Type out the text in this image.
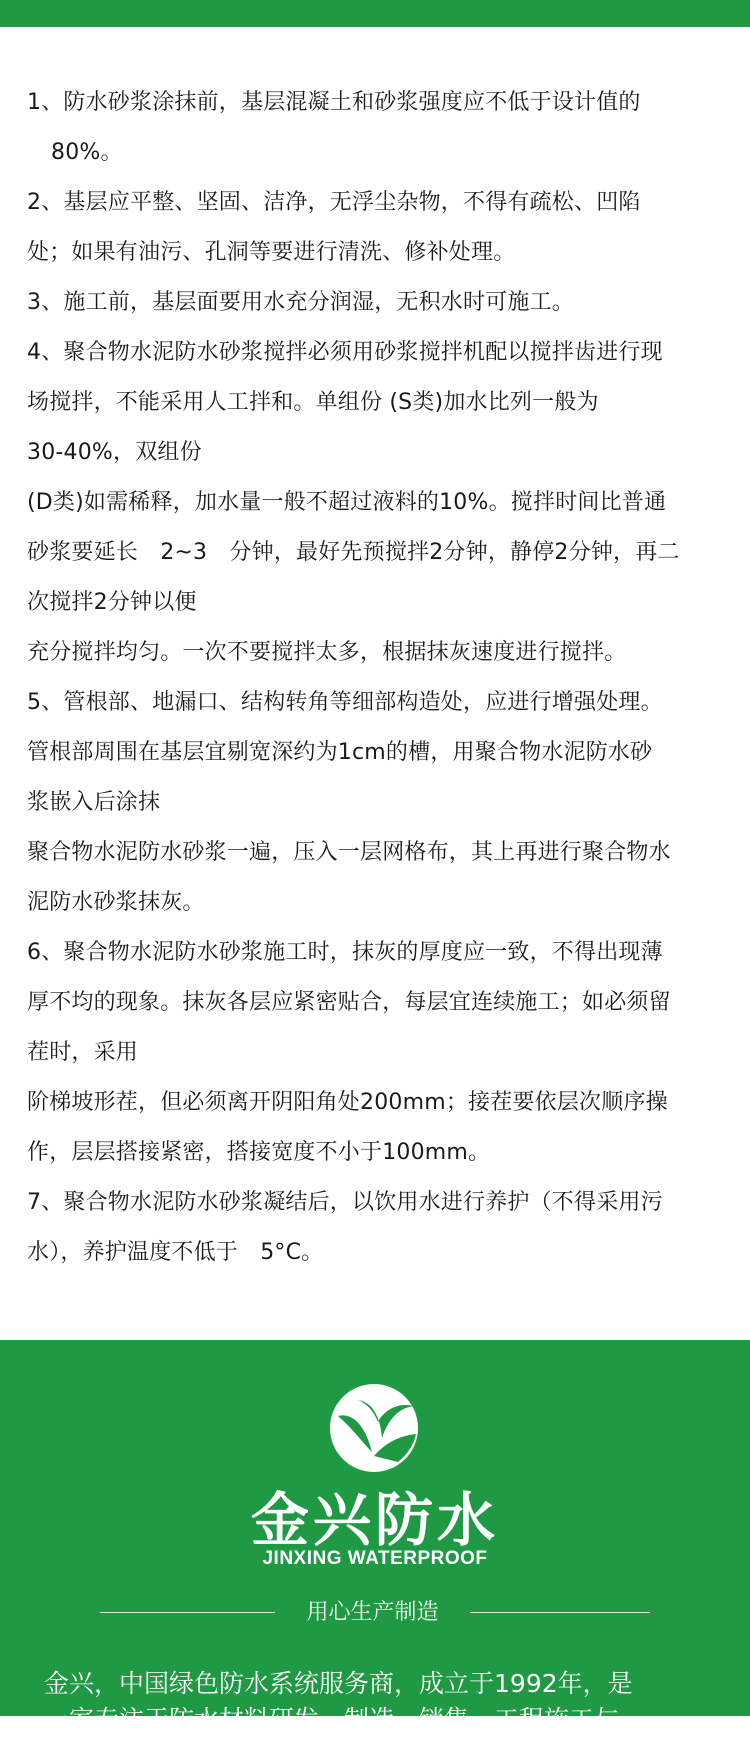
1、防水砂浆涂抹前，基层混凝土和砂浆强度应不低于设计值的
80%。
2、基层应平整、坚固、洁净，无浮尘杂物，不得有疏松、凹陷
处；如果有油污、孔洞等要进行清洗、修补处理。
3、施工前，基层面要用水充分润湿，无积水时可施工。
4、聚合物水泥防水砂浆搅拌必须用砂浆搅拌机配以搅拌齿进行现
场搅拌，不能采用人工拌和。单组份 (S类)加水比列一般为
30-40%，双组份
(D类)如需稀释，加水量一般不超过液料的10%。搅拌时间比普通
砂浆要延长　2~3　分钟，最好先预搅拌2分钟，静停2分钟，再二
次搅拌2分钟以便
充分搅拌均匀。一次不要搅拌太多，根据抹灰速度进行搅拌。
5、管根部、地漏口、结构转角等细部构造处，应进行增强处理。
管根部周围在基层宜剔宽深约为1cm的槽，用聚合物水泥防水砂
浆嵌入后涂抹
聚合物水泥防水砂浆一遍，压入一层网格布，其上再进行聚合物水
泥防水砂浆抹灰。
6、聚合物水泥防水砂浆施工时，抹灰的厚度应一致，不得出现薄
厚不均的现象。抹灰各层应紧密贴合，每层宜连续施工；如必须留
茬时，采用
阶梯坡形茬，但必须离开阴阳角处200mm；接茬要依层次顺序操
作，层层搭接紧密，搭接宽度不小于100mm。
7、聚合物水泥防水砂浆凝结后，以饮用水进行养护（不得采用污
水），养护温度不低于　5°C。
金兴防水
JINXING WATERPROOF
用心生产制造
金兴，中国绿色防水系统服务商，成立于1992年，是
一家专注于防水材料研发、制造、销售、工程施工与
